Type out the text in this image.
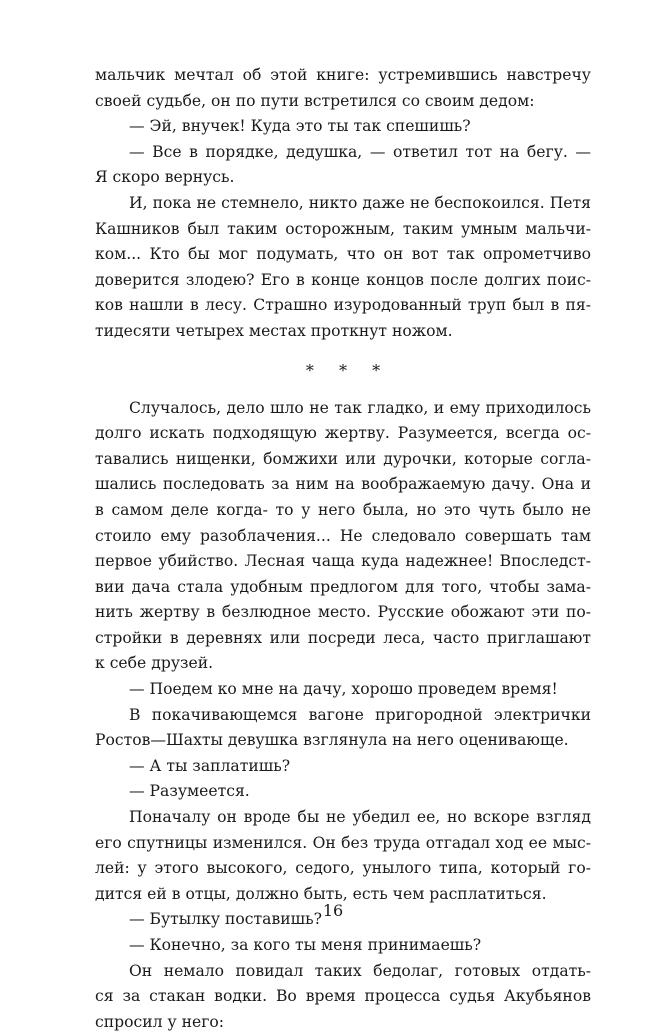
мальчик мечтал об этой книге: устремившись навстречу
своей судьбе, он по пути встретился со своим дедом:
— Эй, внучек! Куда это ты так спешишь?
— Все в порядке, дедушка, — ответил тот на бегу. —
Я скоро вернусь.
И, пока не стемнело, никто даже не беспокоился. Петя
Кашников был таким осторожным, таким умным мальчи-
ком... Кто бы мог подумать, что он вот так опрометчиво
доверится злодею? Его в конце концов после долгих поис-
ков нашли в лесу. Страшно изуродованный труп был в пя-
тидесяти четырех местах проткнут ножом.
* * *
Случалось, дело шло не так гладко, и ему приходилось
долго искать подходящую жертву. Разумеется, всегда ос-
тавались нищенки, бомжихи или дурочки, которые согла-
шались последовать за ним на воображаемую дачу. Она и
в самом деле когда- то у него была, но это чуть было не
стоило ему разоблачения... Не следовало совершать там
первое убийство. Лесная чаща куда надежнее! Впоследст-
вии дача стала удобным предлогом для того, чтобы зама-
нить жертву в безлюдное место. Русские обожают эти по-
стройки в деревнях или посреди леса, часто приглашают
к себе друзей.
— Поедем ко мне на дачу, хорошо проведем время!
В покачивающемся вагоне пригородной электрички
Ростов—Шахты девушка взглянула на него оценивающе.
— А ты заплатишь?
— Разумеется.
Поначалу он вроде бы не убедил ее, но вскоре взгляд
его спутницы изменился. Он без труда отгадал ход ее мыс-
лей: у этого высокого, седого, унылого типа, который го-
дится ей в отцы, должно быть, есть чем расплатиться.
— Бутылку поставишь?
— Конечно, за кого ты меня принимаешь?
Он немало повидал таких бедолаг, готовых отдать-
ся за стакан водки. Во время процесса судья Акубьянов
спросил у него:
16
